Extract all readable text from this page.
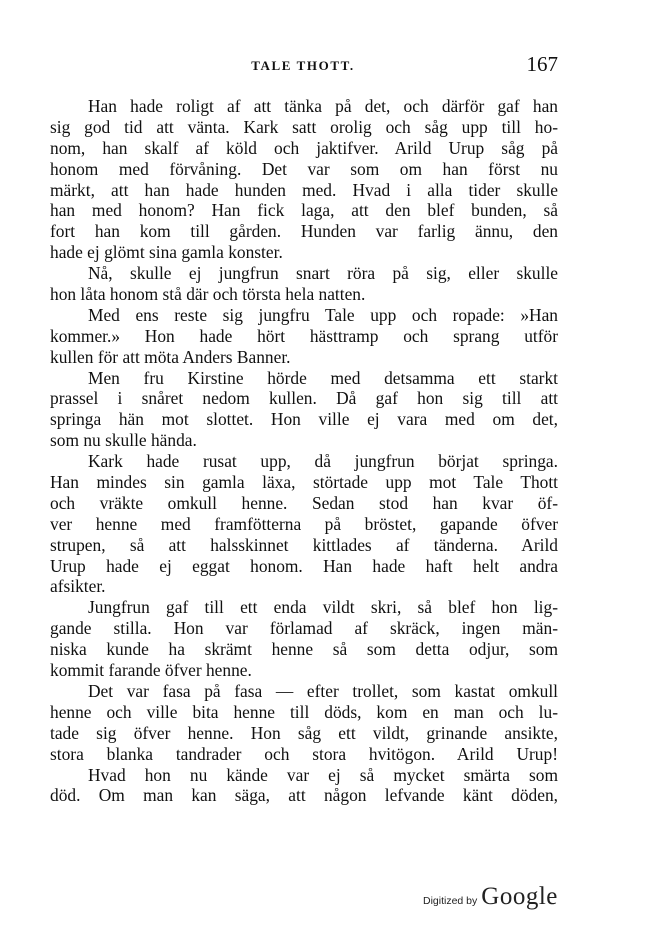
TALE THOTT.	167
Han hade roligt af att tänka på det, och därför gaf han
sig god tid att vänta. Kark satt orolig och såg upp till ho-
nom, han skalf af köld och jaktifver. Arild Urup såg på
honom med förvåning. Det var som om han först nu
märkt, att han hade hunden med. Hvad i alla tider skulle
han med honom? Han fick laga, att den blef bunden, så
fort han kom till gården. Hunden var farlig ännu, den
hade ej glömt sina gamla konster.
Nå, skulle ej jungfrun snart röra på sig, eller skulle
hon låta honom stå där och törsta hela natten.
Med ens reste sig jungfru Tale upp och ropade: »Han
kommer.» Hon hade hört hästtramp och sprang utför
kullen för att möta Anders Banner.
Men fru Kirstine hörde med detsamma ett starkt
prassel i snåret nedom kullen. Då gaf hon sig till att
springa hän mot slottet. Hon ville ej vara med om det,
som nu skulle hända.
Kark hade rusat upp, då jungfrun börjat springa.
Han mindes sin gamla läxa, störtade upp mot Tale Thott
och vräkte omkull henne. Sedan stod han kvar öf-
ver henne med framfötterna på bröstet, gapande öfver
strupen, så att halsskinnet kittlades af tänderna. Arild
Urup hade ej eggat honom. Han hade haft helt andra
afsikter.
Jungfrun gaf till ett enda vildt skri, så blef hon lig-
gande stilla. Hon var förlamad af skräck, ingen män-
niska kunde ha skrämt henne så som detta odjur, som
kommit farande öfver henne.
Det var fasa på fasa — efter trollet, som kastat omkull
henne och ville bita henne till döds, kom en man och lu-
tade sig öfver henne. Hon såg ett vildt, grinande ansikte,
stora blanka tandrader och stora hvitögon. Arild Urup!
Hvad hon nu kände var ej så mycket smärta som
död. Om man kan säga, att någon lefvande känt döden,
Digitized by Google
